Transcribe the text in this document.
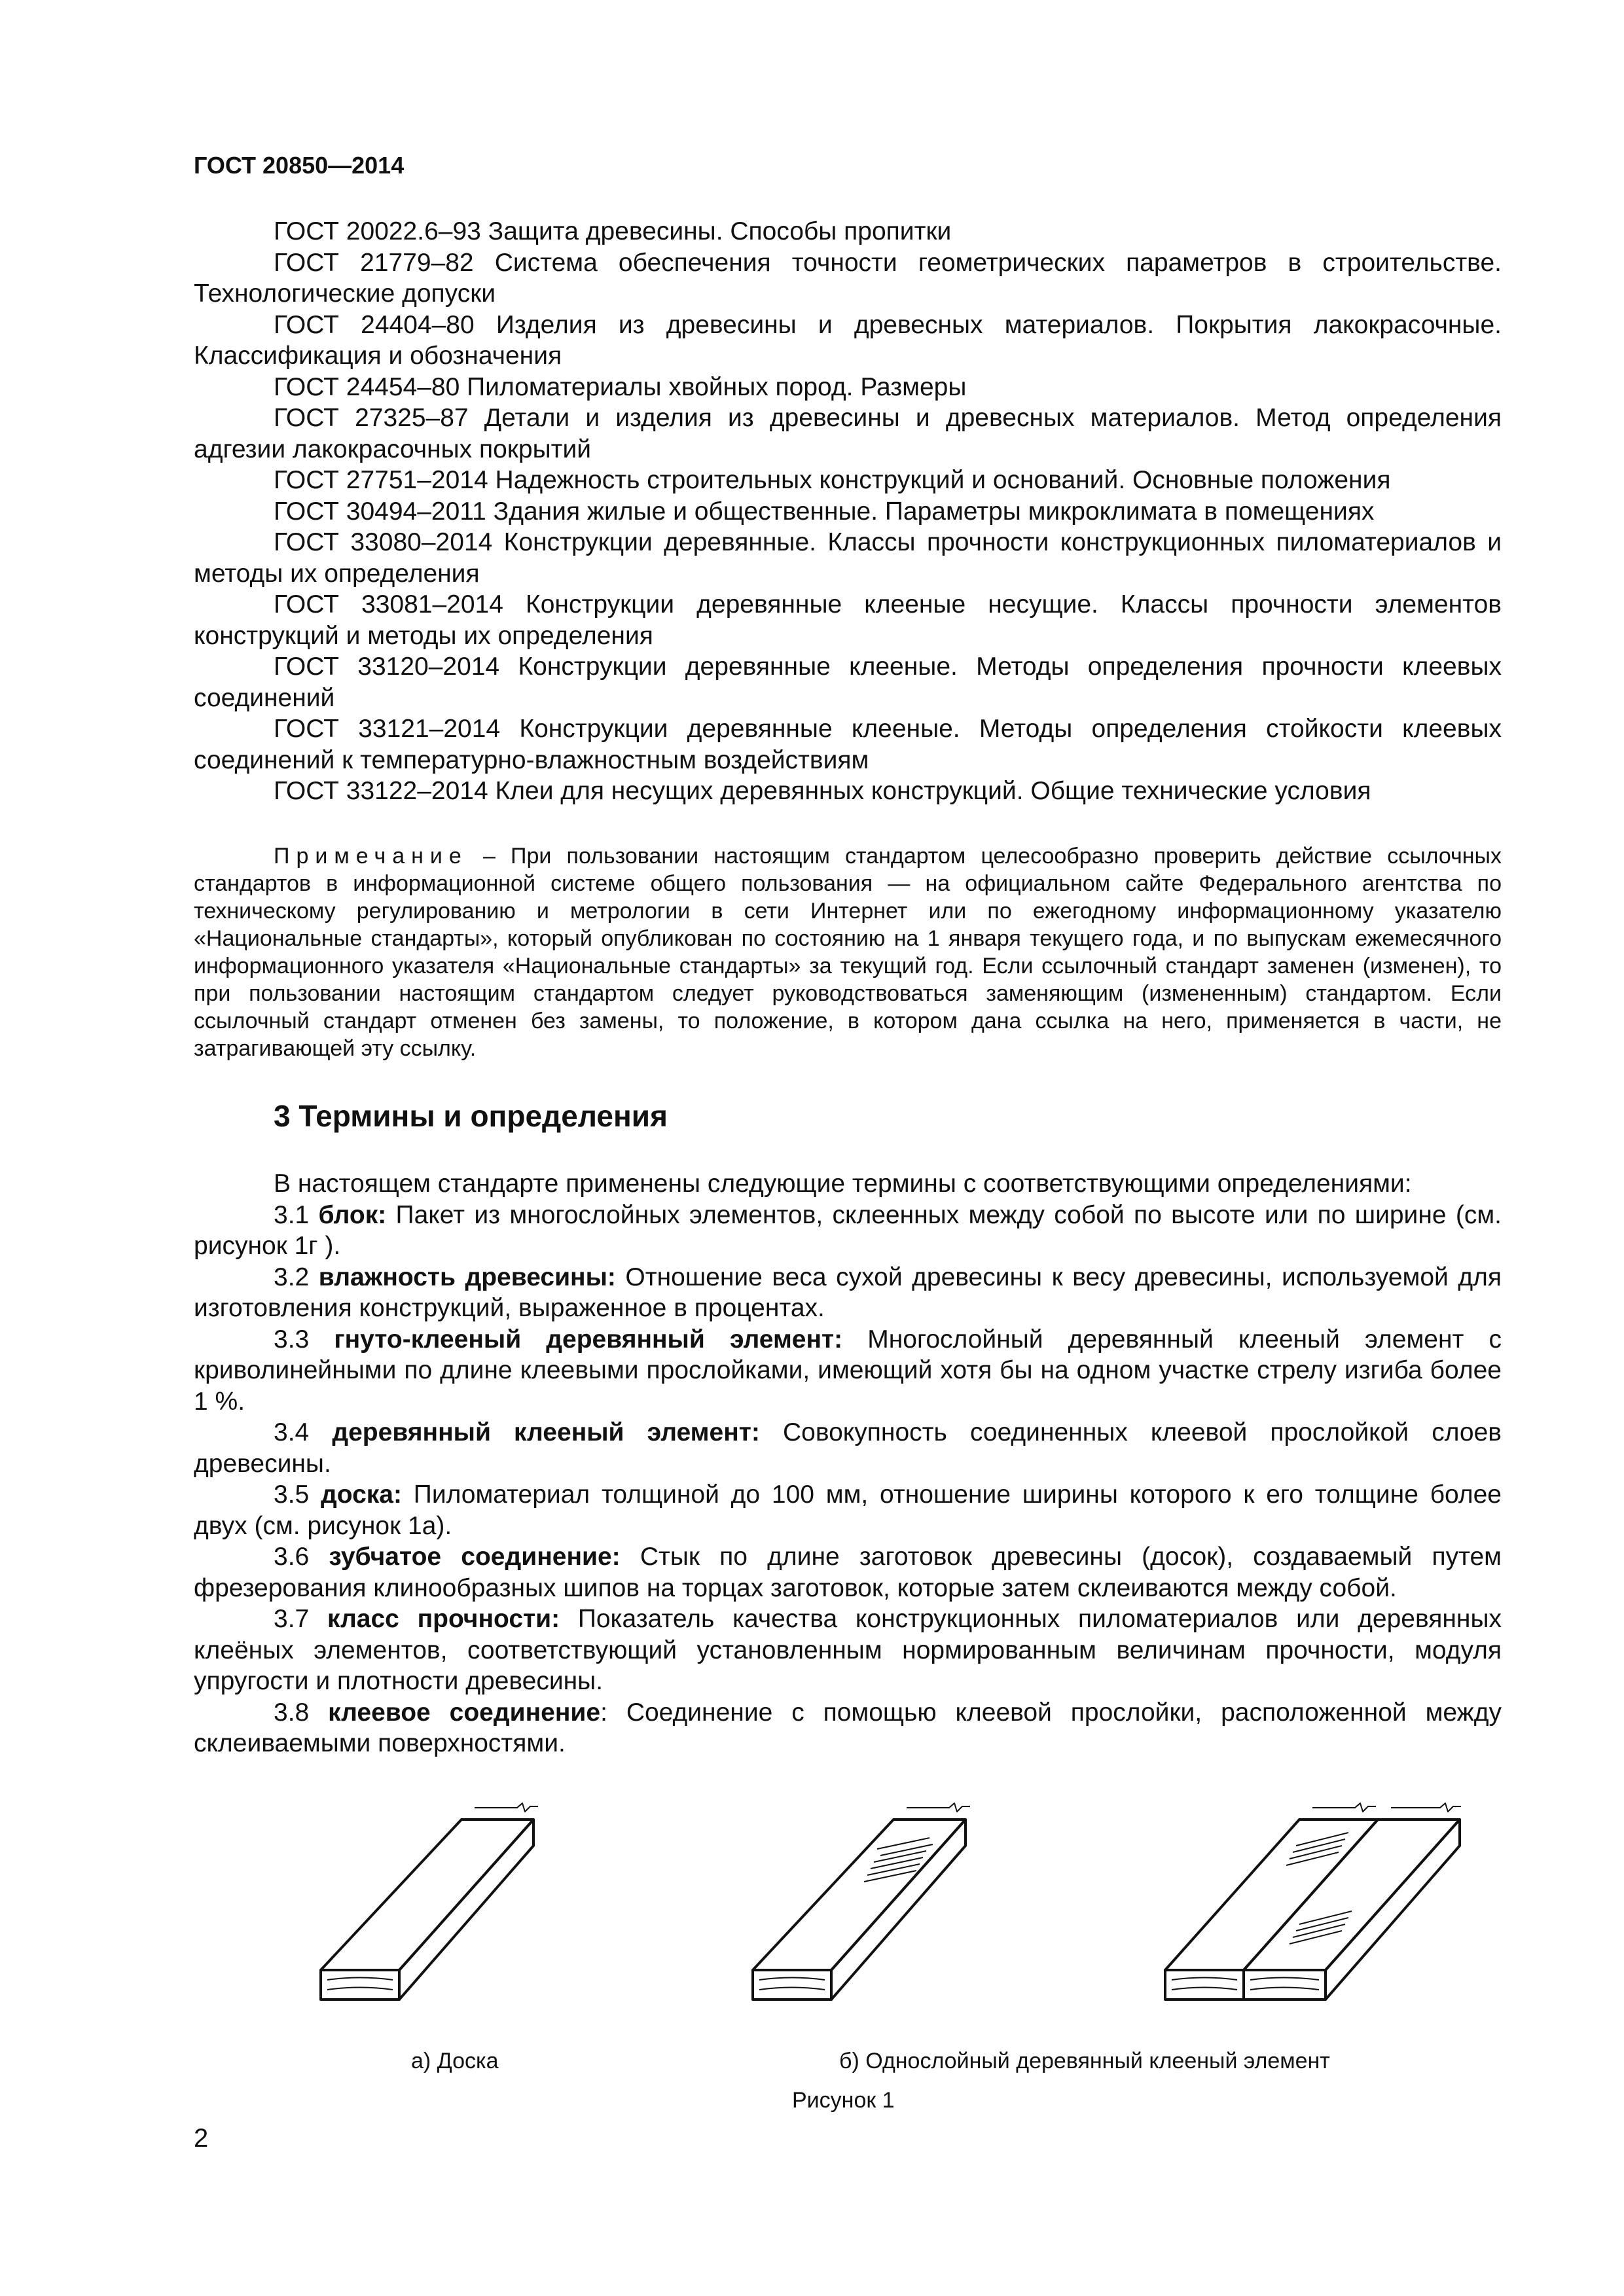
ГОСТ 20850—2014

ГОСТ 20022.6–93 Защита древесины. Способы пропитки

ГОСТ 21779–82 Система обеспечения точности геометрических параметров в строительстве. Технологические допуски

ГОСТ 24404–80 Изделия из древесины и древесных материалов. Покрытия лакокрасочные. Классификация и обозначения

ГОСТ 24454–80 Пиломатериалы хвойных пород. Размеры

ГОСТ 27325–87 Детали и изделия из древесины и древесных материалов. Метод определения адгезии лакокрасочных покрытий

ГОСТ 27751–2014 Надежность строительных конструкций и оснований. Основные положения

ГОСТ 30494–2011 Здания жилые и общественные. Параметры микроклимата в помещениях

ГОСТ 33080–2014 Конструкции деревянные. Классы прочности конструкционных пиломатериалов и методы их определения

ГОСТ 33081–2014 Конструкции деревянные клееные несущие. Классы прочности элементов конструкций и методы их определения

ГОСТ 33120–2014 Конструкции деревянные клееные. Методы определения прочности клеевых соединений

ГОСТ 33121–2014 Конструкции деревянные клееные. Методы определения стойкости клеевых соединений к температурно-влажностным воздействиям

ГОСТ 33122–2014 Клеи для несущих деревянных конструкций. Общие технические условия

Примечание – При пользовании настоящим стандартом целесообразно проверить действие ссылочных стандартов в информационной системе общего пользования — на официальном сайте Федерального агентства по техническому регулированию и метрологии в сети Интернет или по ежегодному информационному указателю «Национальные стандарты», который опубликован по состоянию на 1 января текущего года, и по выпускам ежемесячного информационного указателя «Национальные стандарты» за текущий год. Если ссылочный стандарт заменен (изменен), то при пользовании настоящим стандартом следует руководствоваться заменяющим (измененным) стандартом. Если ссылочный стандарт отменен без замены, то положение, в котором дана ссылка на него, применяется в части, не затрагивающей эту ссылку.

3 Термины и определения

В настоящем стандарте применены следующие термины с соответствующими определениями:

3.1 блок: Пакет из многослойных элементов, склеенных между собой по высоте или по ширине (см. рисунок 1г ).

3.2 влажность древесины: Отношение веса сухой древесины к весу древесины, используемой для изготовления конструкций, выраженное в процентах.

3.3 гнуто-клееный деревянный элемент: Многослойный деревянный клееный элемент с криволинейными по длине клеевыми прослойками, имеющий хотя бы на одном участке стрелу изгиба более 1 %.

3.4 деревянный клееный элемент: Совокупность соединенных клеевой прослойкой слоев древесины.

3.5 доска: Пиломатериал толщиной до 100 мм, отношение ширины которого к его толщине более двух (см. рисунок 1а).

3.6 зубчатое соединение: Стык по длине заготовок древесины (досок), создаваемый путем фрезерования клинообразных шипов на торцах заготовок, которые затем склеиваются между собой.

3.7 класс прочности: Показатель качества конструкционных пиломатериалов или деревянных клеёных элементов, соответствующий установленным нормированным величинам прочности, модуля упругости и плотности древесины.

3.8 клеевое соединение: Соединение с помощью клеевой прослойки, расположенной между склеиваемыми поверхностями.

а) Доска	б) Однослойный деревянный клееный элемент
Рисунок 1
2
